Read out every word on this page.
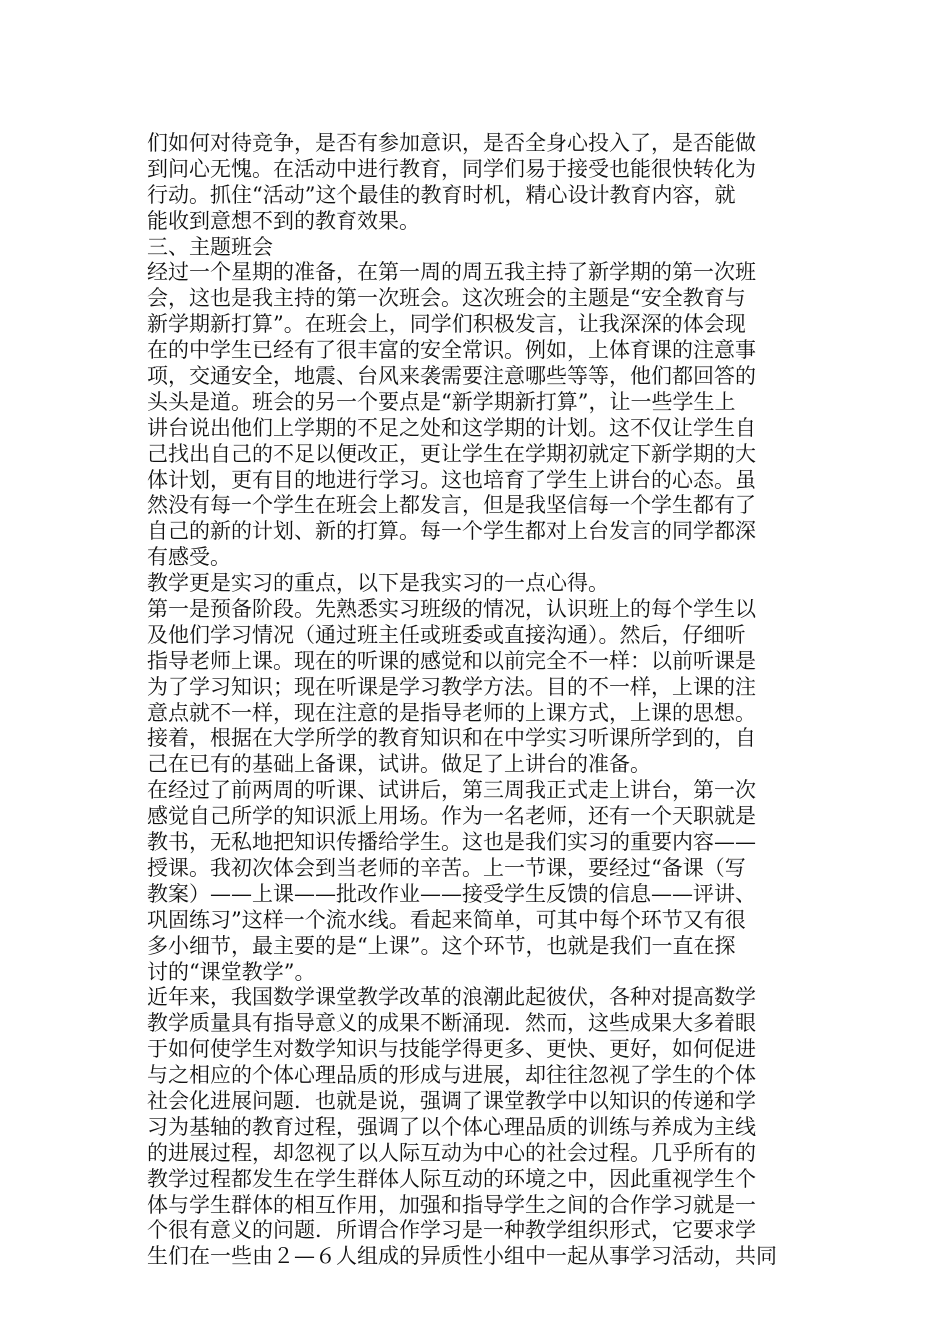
们如何对待竞争，是否有参加意识，是否全身心投入了，是否能做
到问心无愧。在活动中进行教育，同学们易于接受也能很快转化为
行动。抓住“活动”这个最佳的教育时机，精心设计教育内容，就
能收到意想不到的教育效果。
三、主题班会
经过一个星期的准备，在第一周的周五我主持了新学期的第一次班
会，这也是我主持的第一次班会。这次班会的主题是“安全教育与
新学期新打算”。在班会上，同学们积极发言，让我深深的体会现
在的中学生已经有了很丰富的安全常识。例如，上体育课的注意事
项，交通安全，地震、台风来袭需要注意哪些等等，他们都回答的
头头是道。班会的另一个要点是“新学期新打算”，让一些学生上
讲台说出他们上学期的不足之处和这学期的计划。这不仅让学生自
己找出自己的不足以便改正，更让学生在学期初就定下新学期的大
体计划，更有目的地进行学习。这也培育了学生上讲台的心态。虽
然没有每一个学生在班会上都发言，但是我坚信每一个学生都有了
自己的新的计划、新的打算。每一个学生都对上台发言的同学都深
有感受。
教学更是实习的重点，以下是我实习的一点心得。
第一是预备阶段。先熟悉实习班级的情况，认识班上的每个学生以
及他们学习情况（通过班主任或班委或直接沟通）。然后，仔细听
指导老师上课。现在的听课的感觉和以前完全不一样：以前听课是
为了学习知识；现在听课是学习教学方法。目的不一样，上课的注
意点就不一样，现在注意的是指导老师的上课方式，上课的思想。
接着，根据在大学所学的教育知识和在中学实习听课所学到的，自
己在已有的基础上备课，试讲。做足了上讲台的准备。
在经过了前两周的听课、试讲后，第三周我正式走上讲台，第一次
感觉自己所学的知识派上用场。作为一名老师，还有一个天职就是
教书，无私地把知识传播给学生。这也是我们实习的重要内容——
授课。我初次体会到当老师的辛苦。上一节课，要经过“备课（写
教案）——上课——批改作业——接受学生反馈的信息——评讲、
巩固练习”这样一个流水线。看起来简单，可其中每个环节又有很
多小细节，最主要的是“上课”。这个环节，也就是我们一直在探
讨的“课堂教学”。
近年来，我国数学课堂教学改革的浪潮此起彼伏，各种对提高数学
教学质量具有指导意义的成果不断涌现．然而，这些成果大多着眼
于如何使学生对数学知识与技能学得更多、更快、更好，如何促进
与之相应的个体心理品质的形成与进展，却往往忽视了学生的个体
社会化进展问题．也就是说，强调了课堂教学中以知识的传递和学
习为基轴的教育过程，强调了以个体心理品质的训练与养成为主线
的进展过程，却忽视了以人际互动为中心的社会过程。几乎所有的
教学过程都发生在学生群体人际互动的环境之中，因此重视学生个
体与学生群体的相互作用，加强和指导学生之间的合作学习就是一
个很有意义的问题．所谓合作学习是一种教学组织形式，它要求学
生们在一些由２—６人组成的异质性小组中一起从事学习活动，共同
